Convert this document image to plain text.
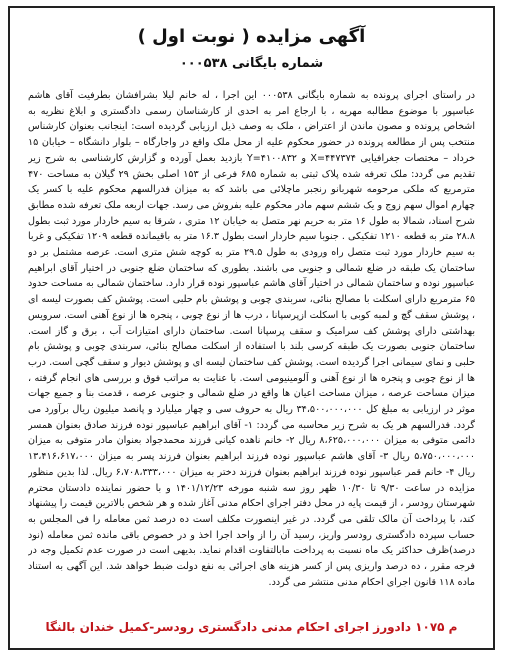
آگهی مزایده ( نوبت اول )
شماره بایگانی ۰۰۰۵۳۸
در راستای اجرای پرونده به شماره بایگانی ۰۰۰۵۳۸ این اجرا ، له خانم لیلا بشرافشان بطرفیت آقای هاشم عباسپور با موضوع مطالبه مهریه ، با ارجاع امر به احدی از کارشناسان رسمی دادگستری و ابلاغ نظریه به اشخاص پرونده و مصون ماندن از اعتراض ، ملک به وصف ذیل ارزیابی گردیده است: اینجانب بعنوان کارشناس منتخب پس از مطالعه پرونده در حضور محکوم علیه از محل ملک واقع در واجارگاه – بلوار دانشگاه – خیابان ۱۵ خرداد – مختصات جغرافیایی X=۴۴۷۳۷۴ و Y=۴۱۰۰۸۳۲ بازدید بعمل آورده و گزارش کارشناسی به شرح زیر تقدیم می گردد: ملک تعرفه شده پلاک ثبتی به شماره ۶۸۵ فرعی از ۱۵۳ اصلی بخش ۲۹ گیلان به مساحت ۴۷۰ مترمربع که ملکی مرحومه شهربانو رنجبر ماچلائی می باشد که به میزان فدرالسهم محکوم علیه با کسر یک چهارم اموال سهم زوج و یک ششم سهم مادر محکوم علیه بفروش می رسد. جهات اربعه ملک تعرفه شده مطابق شرح اسناد، شمالا به طول ۱۶ متر به حریم نهر متصل به خیابان ۱۲ متری ، شرقا به سیم خاردار مورد ثبت بطول ۲۸.۸ متر به قطعه ۱۲۱۰ تفکیکی . جنوبا سیم خاردار است بطول ۱۶.۳ متر به باقیمانده قطعه ۱۲۰۹ تفکیکی و غربا به سیم خاردار مورد ثبت متصل راه ورودی به طول ۲۹.۵ متر به کوچه شش متری است. عرصه مشتمل بر دو ساختمان یک طبقه در ضلع شمالی و جنوبی می باشند. بطوری که ساختمان ضلع جنوبی در اختیار آقای ابراهیم عباسپور نوده و ساختمان شمالی در اختیار آقای هاشم عباسپور نوده قرار دارد. ساختمان شمالی به مساحت حدود ۶۵ مترمربع دارای اسکلت با مصالح بنائی، سربندی چوبی و پوشش بام حلبی است. پوشش کف بصورت لیسه ای ، پوشش سقف گچ و لمبه کوبی با اسکلت ازپرسپانا ، درب ها از نوع چوبی ، پنجره ها از نوع آهنی است. سرویس بهداشتی دارای پوشش کف سرامیک و سقف پرسپانا است. ساختمان دارای امتیازات آب ، برق و گاز است. ساختمان جنوبی بصورت یک طبقه کرسی بلند با استفاده از اسکلت مصالح بنائی، سربندی چوبی و پوشش بام حلبی و نمای سیمانی اجرا گردیده است. پوشش کف ساختمان لیسه ای و پوشش دیوار و سقف گچی است. درب ها از نوع چوبی و پنجره ها از نوع آهنی و آلومینیومی است. با عنایت به مراتب فوق و بررسی های انجام گرفته ، میزان مساحت عرصه ، میزان مساحت اعیان ها واقع در ضلع شمالی و جنوبی عرصه ، قدمت بنا و جمیع جهات موثر در ارزیابی به مبلغ کل ۳۴،۵۰۰،۰۰۰،۰۰۰ ریال به حروف سی و چهار میلیارد و پانصد میلیون ریال برآورد می گردد. فدرالسهم هر یک به شرح زیر محاسبه می گردد: ۱- آقای ابراهیم عباسپور نوده فرزند صادق بعنوان همسر دائمی متوفی به میزان ۸،۶۲۵،۰۰۰،۰۰۰ ریال ۲- خانم ناهده کیانی فرزند محمدجواد بعنوان مادر متوفی به میزان ۵،۷۵۰،۰۰۰،۰۰۰ ریال ۳- آقای هاشم عباسپور نوده فرزند ابراهیم بعنوان فرزند پسر به میزان ۱۳،۴۱۶،۶۱۷،۰۰۰ ریال ۴- خانم قمر عباسپور نوده فرزند ابراهیم بعنوان فرزند دختر به میزان ۶،۷۰۸،۳۳۳،۰۰۰ ریال. لذا بدین منظور مزایده در ساعت ۹/۳۰ تا ۱۰/۳۰ ظهر روز سه شنبه مورخه ۱۴۰۱/۱۲/۲۳ و با حضور نماینده دادستان محترم شهرستان رودسر ، از قیمت پایه در محل دفتر اجرای احکام مدنی آغاز شده و هر شخص بالاترین قیمت را پیشنهاد کند، با پرداخت آن مالک تلقی می گردد. در غیر اینصورت مکلف است ده درصد ثمن معامله را فی المجلس به حساب سپرده دادگستری رودسر واریز، رسید آن را از واحد اجرا اخذ و در خصوص باقی مانده ثمن معامله (نود درصد)ظرف حداکثر یک ماه نسبت به پرداخت مابالتفاوت اقدام نماید. بدیهی است در صورت عدم تکمیل وجه در فرجه مقرر ، ده درصد واریزی پس از کسر هزینه های اجرائی به نفع دولت ضبط خواهد شد. این آگهی به استناد ماده ۱۱۸ قانون اجرای احکام مدنی منتشر می گردد.
م ۱۰۷۵ دادورز اجرای احکام مدنی دادگستری رودسر-کمیل خندان بالنگا
